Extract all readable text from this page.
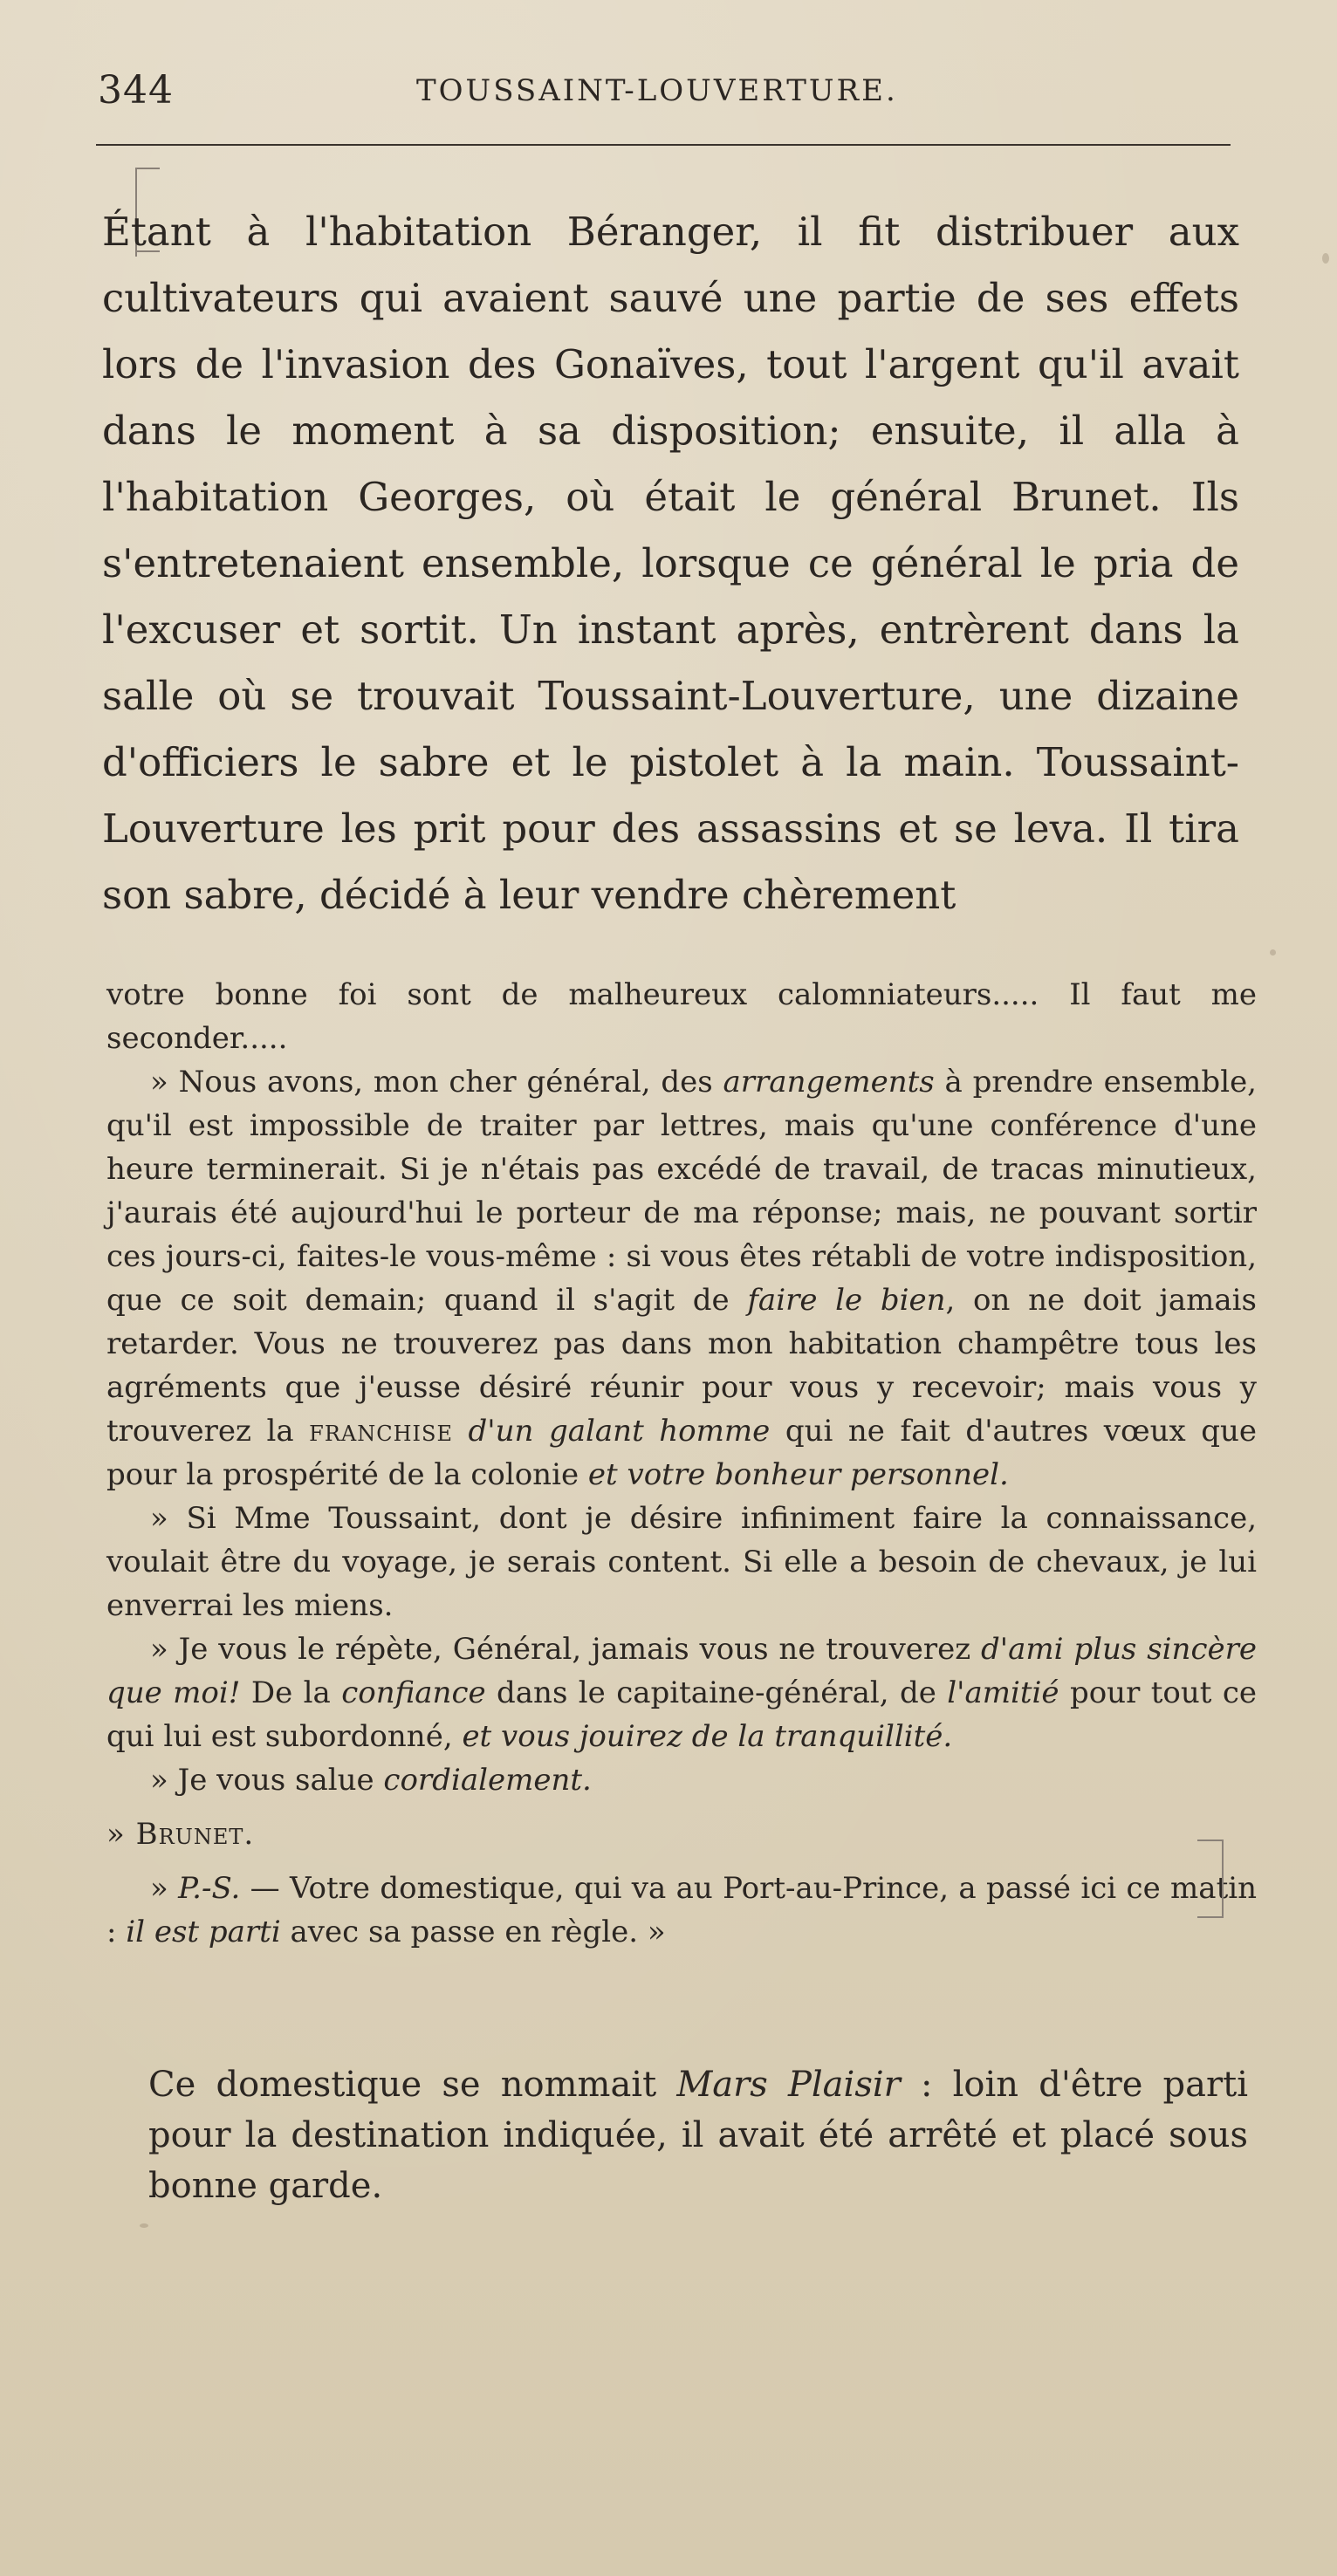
344	TOUSSAINT-LOUVERTURE.

Étant à l'habitation Béranger, il fit distribuer aux cultivateurs qui avaient sauvé une partie de ses effets lors de l'invasion des Gonaïves, tout l'argent qu'il avait dans le moment à sa disposition; ensuite, il alla à l'habitation Georges, où était le général Brunet. Ils s'entretenaient ensemble, lorsque ce général le pria de l'excuser et sortit. Un instant après, entrèrent dans la salle où se trouvait Toussaint-Louverture, une dizaine d'officiers le sabre et le pistolet à la main. Toussaint-Louverture les prit pour des assassins et se leva. Il tira son sabre, décidé à leur vendre chèrement

votre bonne foi sont de malheureux calomniateurs..... Il faut me seconder.....

» Nous avons, mon cher général, des arrangements à prendre ensemble, qu'il est impossible de traiter par lettres, mais qu'une conférence d'une heure terminerait. Si je n'étais pas excédé de travail, de tracas minutieux, j'aurais été aujourd'hui le porteur de ma réponse; mais, ne pouvant sortir ces jours-ci, faites-le vous-même : si vous êtes rétabli de votre indisposition, que ce soit demain; quand il s'agit de faire le bien, on ne doit jamais retarder. Vous ne trouverez pas dans mon habitation champêtre tous les agréments que j'eusse désiré réunir pour vous y recevoir; mais vous y trouverez la franchise d'un galant homme qui ne fait d'autres vœux que pour la prospérité de la colonie et votre bonheur personnel.

» Si Mme Toussaint, dont je désire infiniment faire la connaissance, voulait être du voyage, je serais content. Si elle a besoin de chevaux, je lui enverrai les miens.

» Je vous le répète, Général, jamais vous ne trouverez d'ami plus sincère que moi! De la confiance dans le capitaine-général, de l'amitié pour tout ce qui lui est subordonné, et vous jouirez de la tranquillité.

» Je vous salue cordialement.

» Brunet.

» P.-S. — Votre domestique, qui va au Port-au-Prince, a passé ici ce matin : il est parti avec sa passe en règle. »

Ce domestique se nommait Mars Plaisir : loin d'être parti pour la destination indiquée, il avait été arrêté et placé sous bonne garde.
